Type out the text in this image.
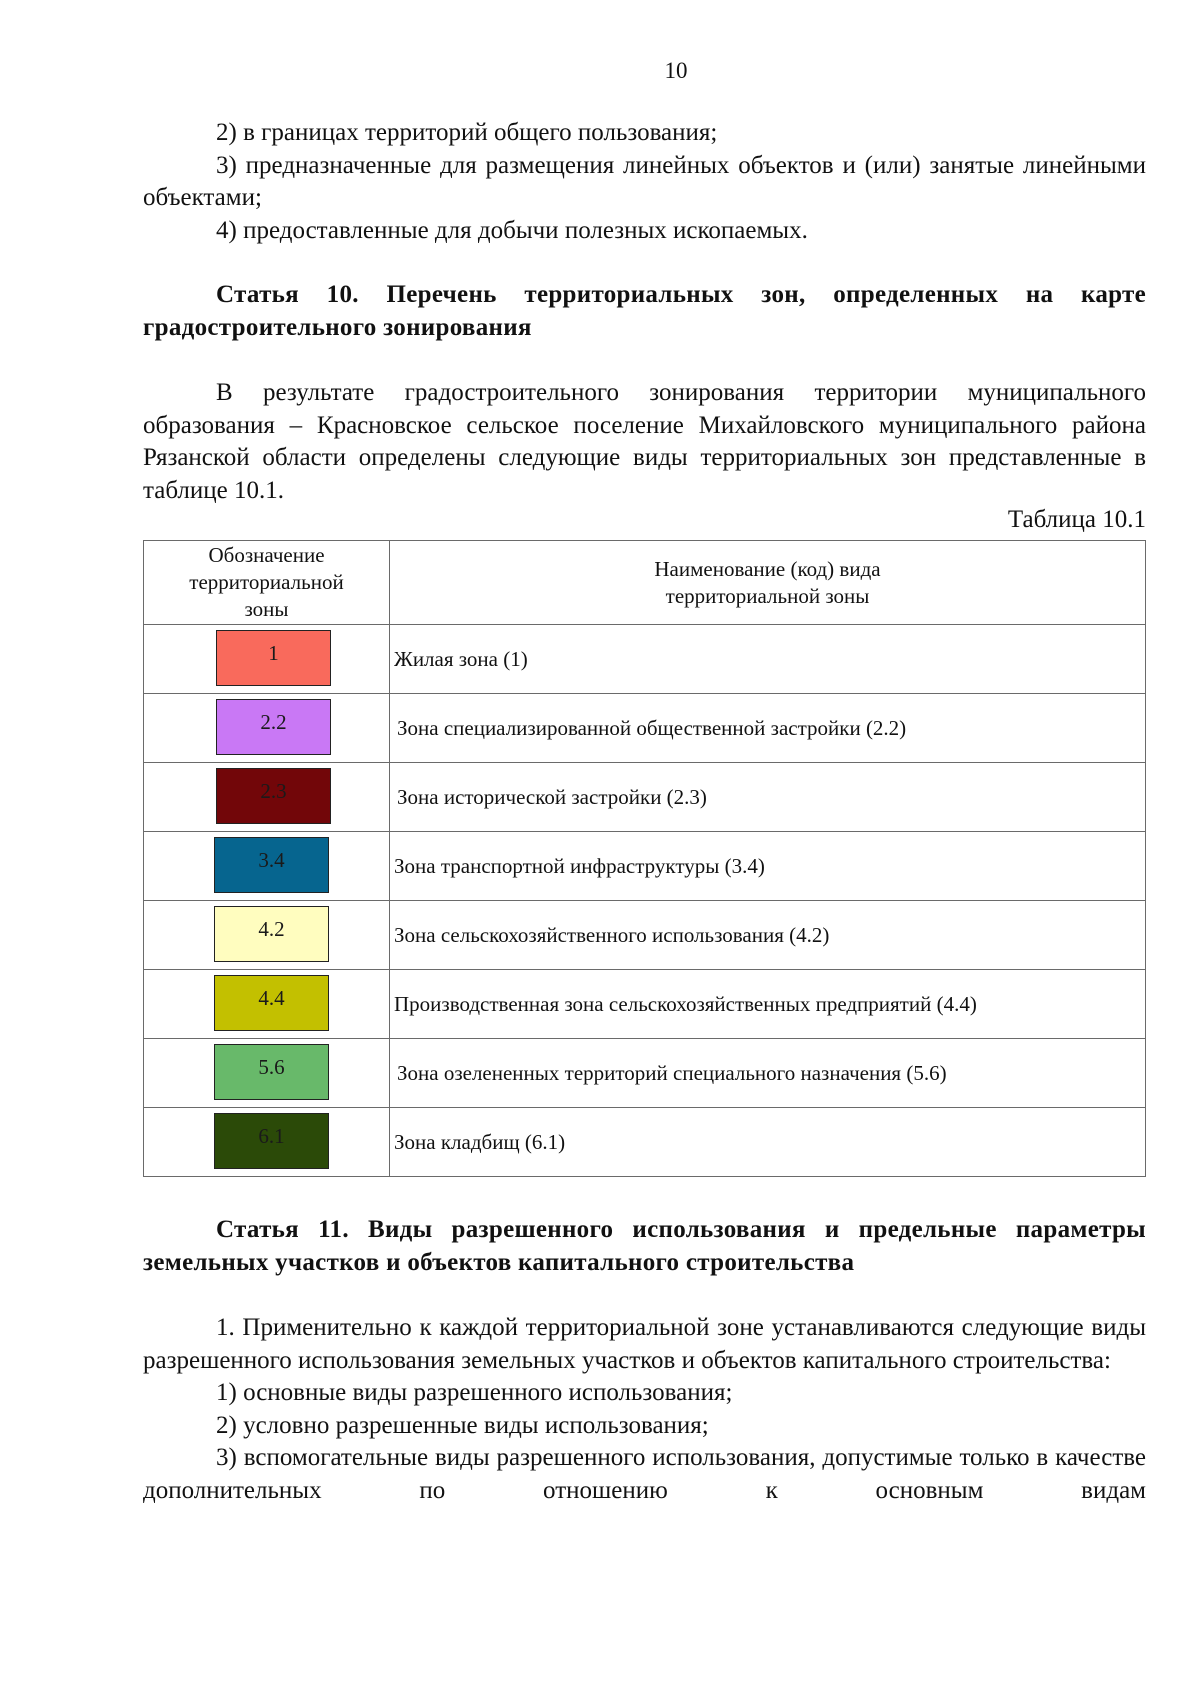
10

2) в границах территорий общего пользования;

3) предназначенные для размещения линейных объектов и (или) занятые линейными объектами;

4) предоставленные для добычи полезных ископаемых.

Статья 10. Перечень территориальных зон, определенных на карте градостроительного зонирования

В результате градостроительного зонирования территории муниципального образования – Красновское сельское поселение Михайловского муниципального района Рязанской области определены следующие виды территориальных зон представленные в таблице 10.1.

Таблица 10.1
Обозначение территориальной зоны	Наименование (код) вида территориальной зоны

1	Жилая зона (1)

2.2	Зона специализированной общественной застройки (2.2)

2.3	Зона исторической застройки (2.3)

3.4	Зона транспортной инфраструктуры (3.4)

4.2	Зона сельскохозяйственного использования (4.2)

4.4	Производственная зона сельскохозяйственных предприятий (4.4)

5.6	Зона озелененных территорий специального назначения (5.6)

6.1	Зона кладбищ (6.1)

Статья 11. Виды разрешенного использования и предельные параметры земельных участков и объектов капитального строительства

1. Применительно к каждой территориальной зоне устанавливаются следующие виды разрешенного использования земельных участков и объектов капитального строительства:

1) основные виды разрешенного использования;

2) условно разрешенные виды использования;

3) вспомогательные виды разрешенного использования, допустимые только в качестве дополнительных по отношению к основным видам
